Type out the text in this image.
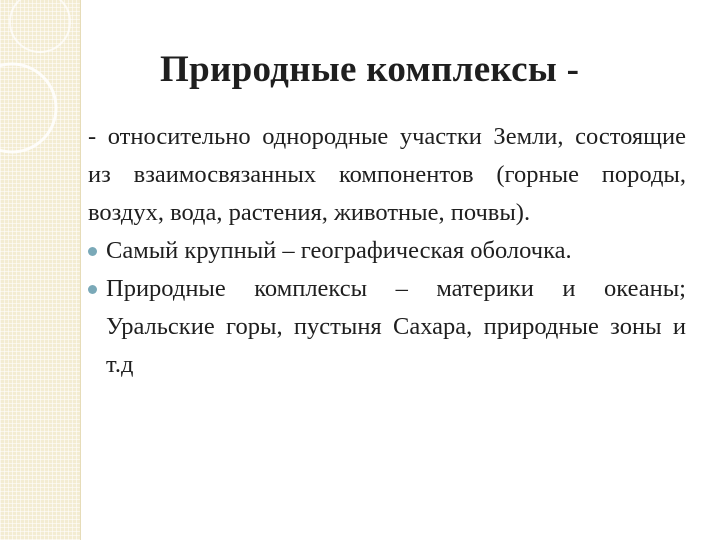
Природные комплексы -

- относительно однородные участки Земли, состоящие из взаимосвязанных компонентов (горные породы, воздух, вода, растения, животные, почвы).

Самый крупный – географическая оболочка.
Природные комплексы – материки и океаны; Уральские горы, пустыня Сахара, природные зоны и т.д
